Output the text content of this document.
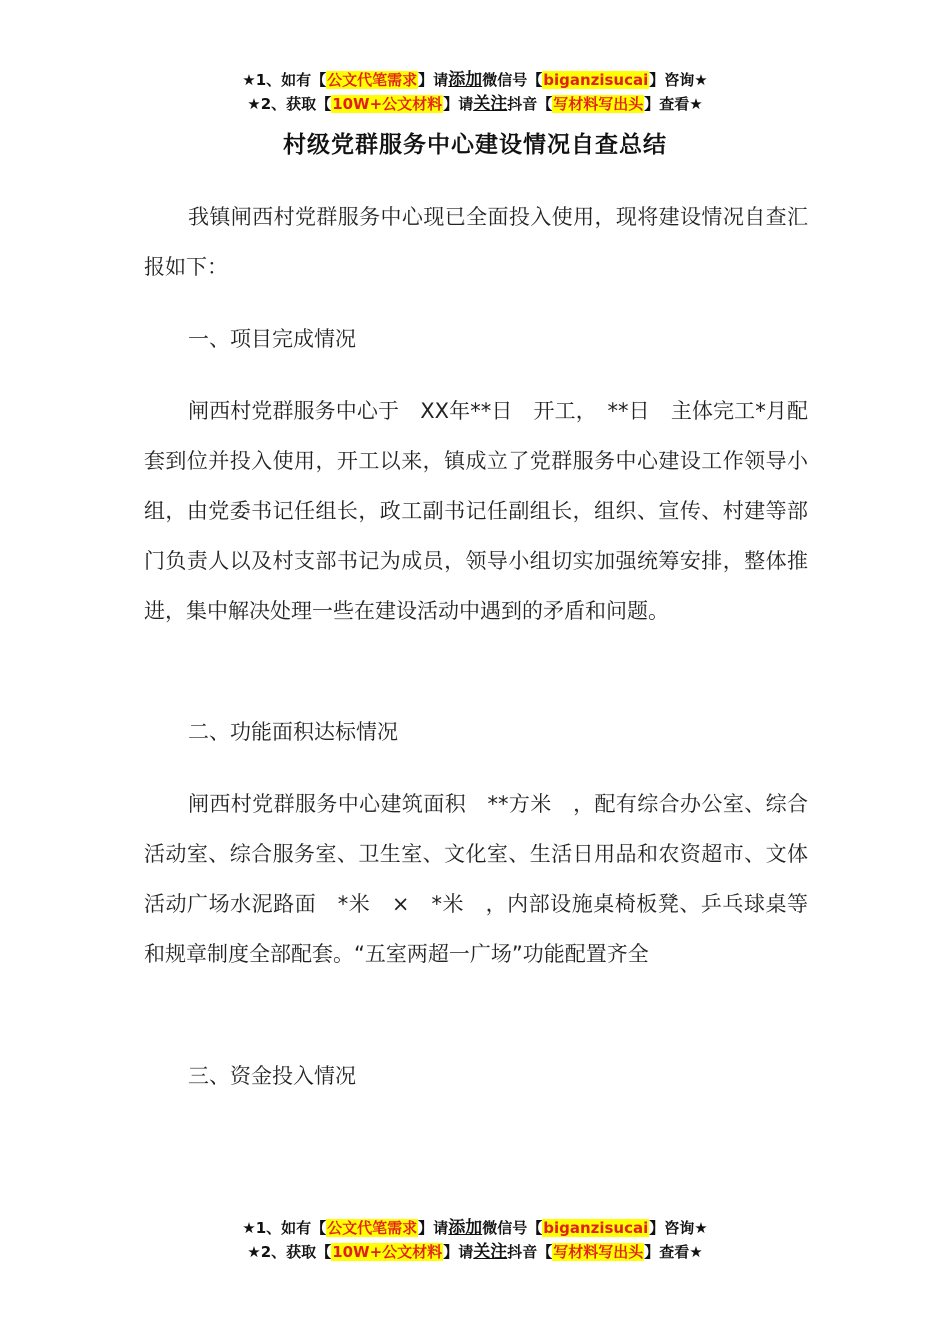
★1、如有【公文代笔需求】请添加微信号【biganzisucai】咨询★
★2、获取【10W+公文材料】请关注抖音【写材料写出头】查看★
村级党群服务中心建设情况自查总结

我镇闸西村党群服务中心现已全面投入使用，现将建设情况自查汇报如下：

一、项目完成情况

闸西村党群服务中心于　XX年**日　开工，　**日　主体完工*月配套到位并投入使用，开工以来，镇成立了党群服务中心建设工作领导小组，由党委书记任组长，政工副书记任副组长，组织、宣传、村建等部门负责人以及村支部书记为成员，领导小组切实加强统筹安排，整体推进，集中解决处理一些在建设活动中遇到的矛盾和问题。

二、功能面积达标情况

闸西村党群服务中心建筑面积　**方米　，配有综合办公室、综合活动室、综合服务室、卫生室、文化室、生活日用品和农资超市、文体活动广场水泥路面　*米　×　*米　，内部设施桌椅板凳、乒乓球桌等和规章制度全部配套。“五室两超一广场”功能配置齐全

三、资金投入情况

★1、如有【公文代笔需求】请添加微信号【biganzisucai】咨询★
★2、获取【10W+公文材料】请关注抖音【写材料写出头】查看★
